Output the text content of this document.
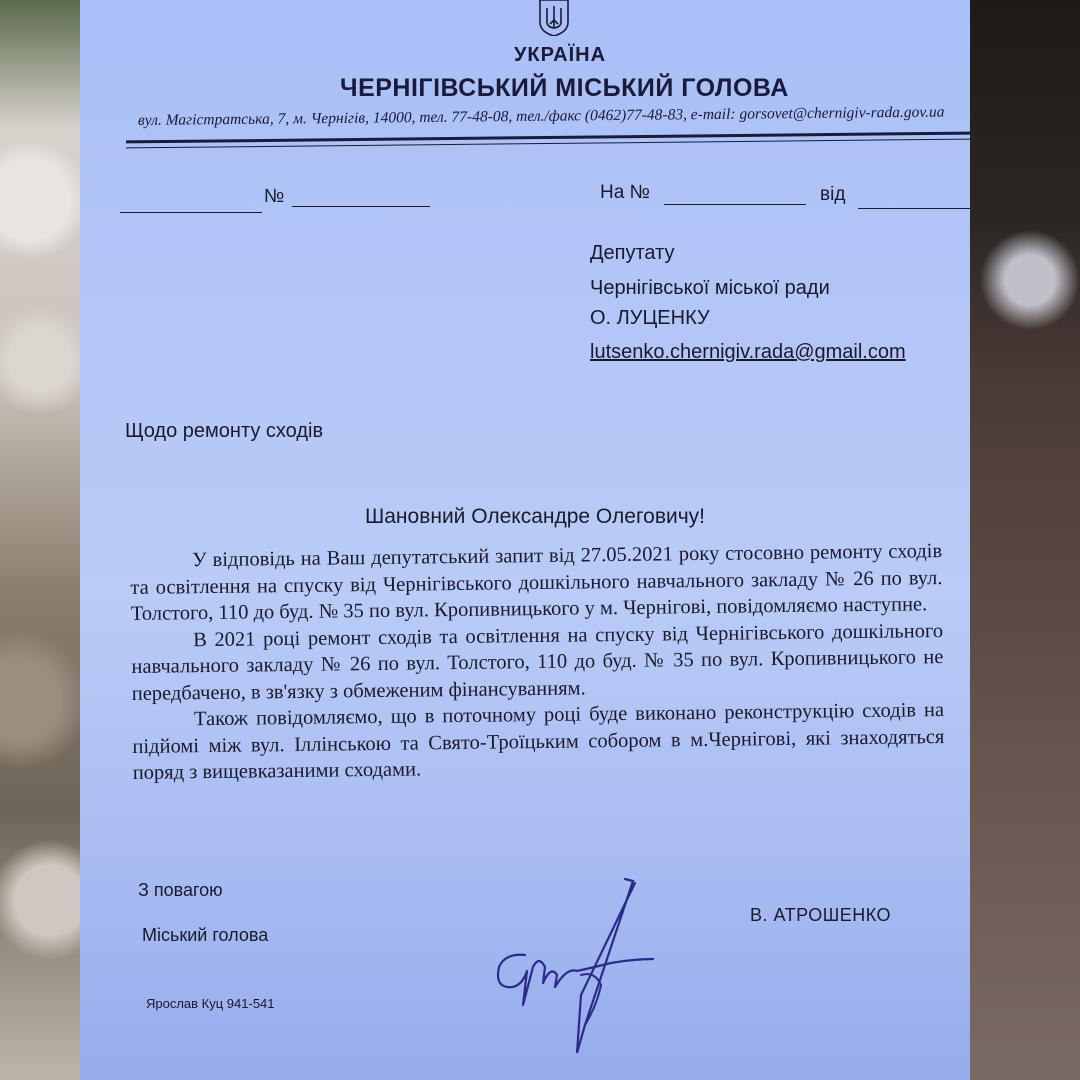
УКРАЇНА
ЧЕРНІГІВСЬКИЙ МІСЬКИЙ ГОЛОВА
вул. Магістратська, 7, м. Чернігів, 14000, тел. 77-48-08, тел./факс (0462)77-48-83, e-mail: gorsovet@chernigiv-rada.gov.ua
№	На №	від
Депутату
Чернігівської міської ради
О. ЛУЦЕНКУ
lutsenko.chernigiv.rada@gmail.com
Щодо ремонту сходів
Шановний Олександре Олеговичу!

У відповідь на Ваш депутатський запит від 27.05.2021 року стосовно ремонту сходів та освітлення на спуску від Чернігівського дошкільного навчального закладу № 26 по вул. Толстого, 110 до буд. № 35 по вул. Кропивницького у м. Чернігові, повідомляємо наступне.

В 2021 році ремонт сходів та освітлення на спуску від Чернігівського дошкільного навчального закладу № 26 по вул. Толстого, 110 до буд. № 35 по вул. Кропивницького не передбачено, в зв'язку з обмеженим фінансуванням.

Також повідомляємо, що в поточному році буде виконано реконструкцію сходів на підйомі між вул. Іллінською та Свято-Троїцьким собором в м.Чернігові, які знаходяться поряд з вищевказаними сходами.

З повагою
Міський голова
В. АТРОШЕНКО
Ярослав Куц 941-541
